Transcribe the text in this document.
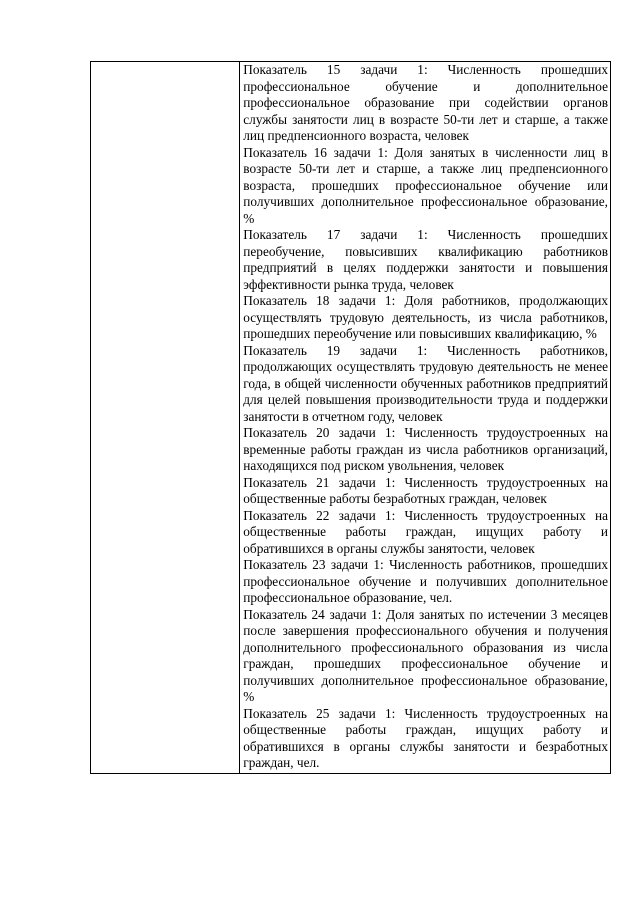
Показатель 15 задачи 1: Численность прошедших профессиональное обучение и дополнительное профессиональное образование при содействии органов службы занятости лиц в возрасте 50-ти лет и старше, а также лиц предпенсионного возраста, человек

Показатель 16 задачи 1: Доля занятых в численности лиц в возрасте 50-ти лет и старше, а также лиц предпенсионного возраста, прошедших профессиональное обучение или получивших дополнительное профессиональное образование, %

Показатель 17 задачи 1: Численность прошедших переобучение, повысивших квалификацию работников предприятий в целях поддержки занятости и повышения эффективности рынка труда, человек

Показатель 18 задачи 1: Доля работников, продолжающих осуществлять трудовую деятельность, из числа работников, прошедших переобучение или повысивших квалификацию, %

Показатель 19 задачи 1: Численность работников, продолжающих осуществлять трудовую деятельность не менее года, в общей численности обученных работников предприятий для целей повышения производительности труда и поддержки занятости в отчетном году, человек

Показатель 20 задачи 1: Численность трудоустроенных на временные работы граждан из числа работников организаций, находящихся под риском увольнения, человек

Показатель 21 задачи 1: Численность трудоустроенных на общественные работы безработных граждан, человек

Показатель 22 задачи 1: Численность трудоустроенных на общественные работы граждан, ищущих работу и обратившихся в органы службы занятости, человек

Показатель 23 задачи 1: Численность работников, прошедших профессиональное обучение и получивших дополнительное профессиональное образование, чел.

Показатель 24 задачи 1: Доля занятых по истечении 3 месяцев после завершения профессионального обучения и получения дополнительного профессионального образования из числа граждан, прошедших профессиональное обучение и получивших дополнительное профессиональное образование, %

Показатель 25 задачи 1: Численность трудоустроенных на общественные работы граждан, ищущих работу и обратившихся в органы службы занятости и безработных граждан, чел.
